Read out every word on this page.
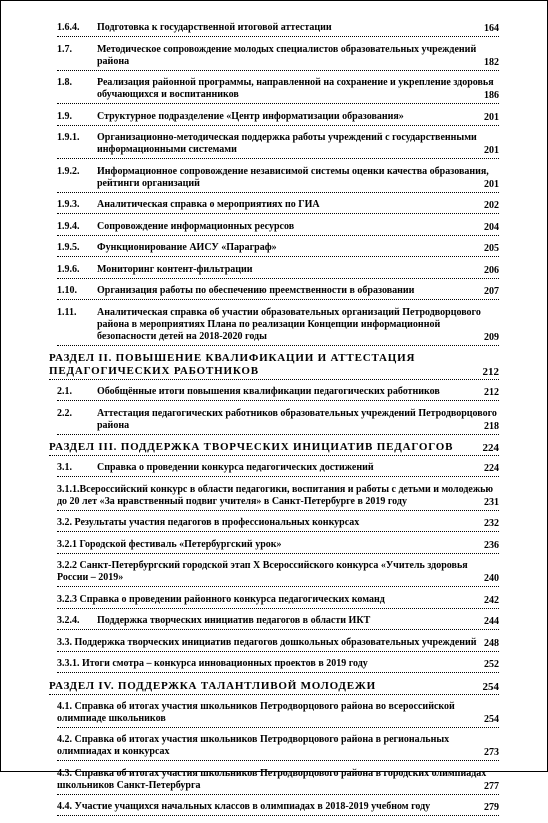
1.6.4.	Подготовка к государственной итоговой аттестации	164
1.7.	Методическое сопровождение молодых специалистов образовательных учреждений района	182
1.8.	Реализация районной программы, направленной на сохранение и укрепление здоровья обучающихся и воспитанников	186
1.9.	Структурное подразделение «Центр информатизации образования»	201
1.9.1.	Организационно-методическая поддержка работы учреждений с государственными информационными системами	201
1.9.2.	Информационное сопровождение независимой системы оценки качества образования, рейтинги организаций	201
1.9.3.	Аналитическая справка о мероприятиях по ГИА	202
1.9.4.	Сопровождение информационных ресурсов	204
1.9.5.	Функционирование АИСУ «Параграф»	205
1.9.6.	Мониторинг контент-фильтрации	206
1.10.	Организация работы по обеспечению преемственности в образовании	207
1.11.	Аналитическая справка об участии образовательных организаций Петродворцового района в мероприятиях Плана по реализации Концепции информационной безопасности детей на 2018-2020 годы	209
РАЗДЕЛ II. ПОВЫШЕНИЕ КВАЛИФИКАЦИИ И АТТЕСТАЦИЯ ПЕДАГОГИЧЕСКИХ РАБОТНИКОВ	212
2.1.	Обобщённые итоги повышения квалификации педагогических работников	212
2.2.	Аттестация педагогических работников образовательных учреждений Петродворцового района	218
РАЗДЕЛ III. ПОДДЕРЖКА ТВОРЧЕСКИХ ИНИЦИАТИВ ПЕДАГОГОВ	224
3.1.	Справка о проведении конкурса педагогических достижений	224
3.1.1.Всероссийский конкурс в области педагогики, воспитания и работы с детьми и молодежью до 20 лет «За нравственный подвиг учителя» в Санкт-Петербурге в 2019 году	231
3.2. Результаты участия педагогов в профессиональных конкурсах	232
3.2.1 Городской фестиваль «Петербургский урок»	236
3.2.2 Санкт-Петербургский городской этап X Всероссийского конкурса «Учитель здоровья России – 2019»	240
3.2.3 Справка о проведении районного конкурса педагогических команд	242
3.2.4.	Поддержка творческих инициатив педагогов в области ИКТ	244
3.3. Поддержка творческих инициатив педагогов дошкольных образовательных учреждений 248
3.3.1. Итоги смотра – конкурса инновационных проектов в 2019 году	252
РАЗДЕЛ IV. ПОДДЕРЖКА ТАЛАНТЛИВОЙ МОЛОДЕЖИ	254
4.1. Справка об итогах участия школьников Петродворцового района во всероссийской олимпиаде школьников	254
4.2. Справка об итогах участия школьников Петродворцового района в региональных олимпиадах и конкурсах	273
4.3. Справка об итогах участия школьников Петродворцового района в городских олимпиадах школьников Санкт-Петербурга	277
4.4. Участие учащихся начальных классов в олимпиадах в 2018-2019 учебном году	279
